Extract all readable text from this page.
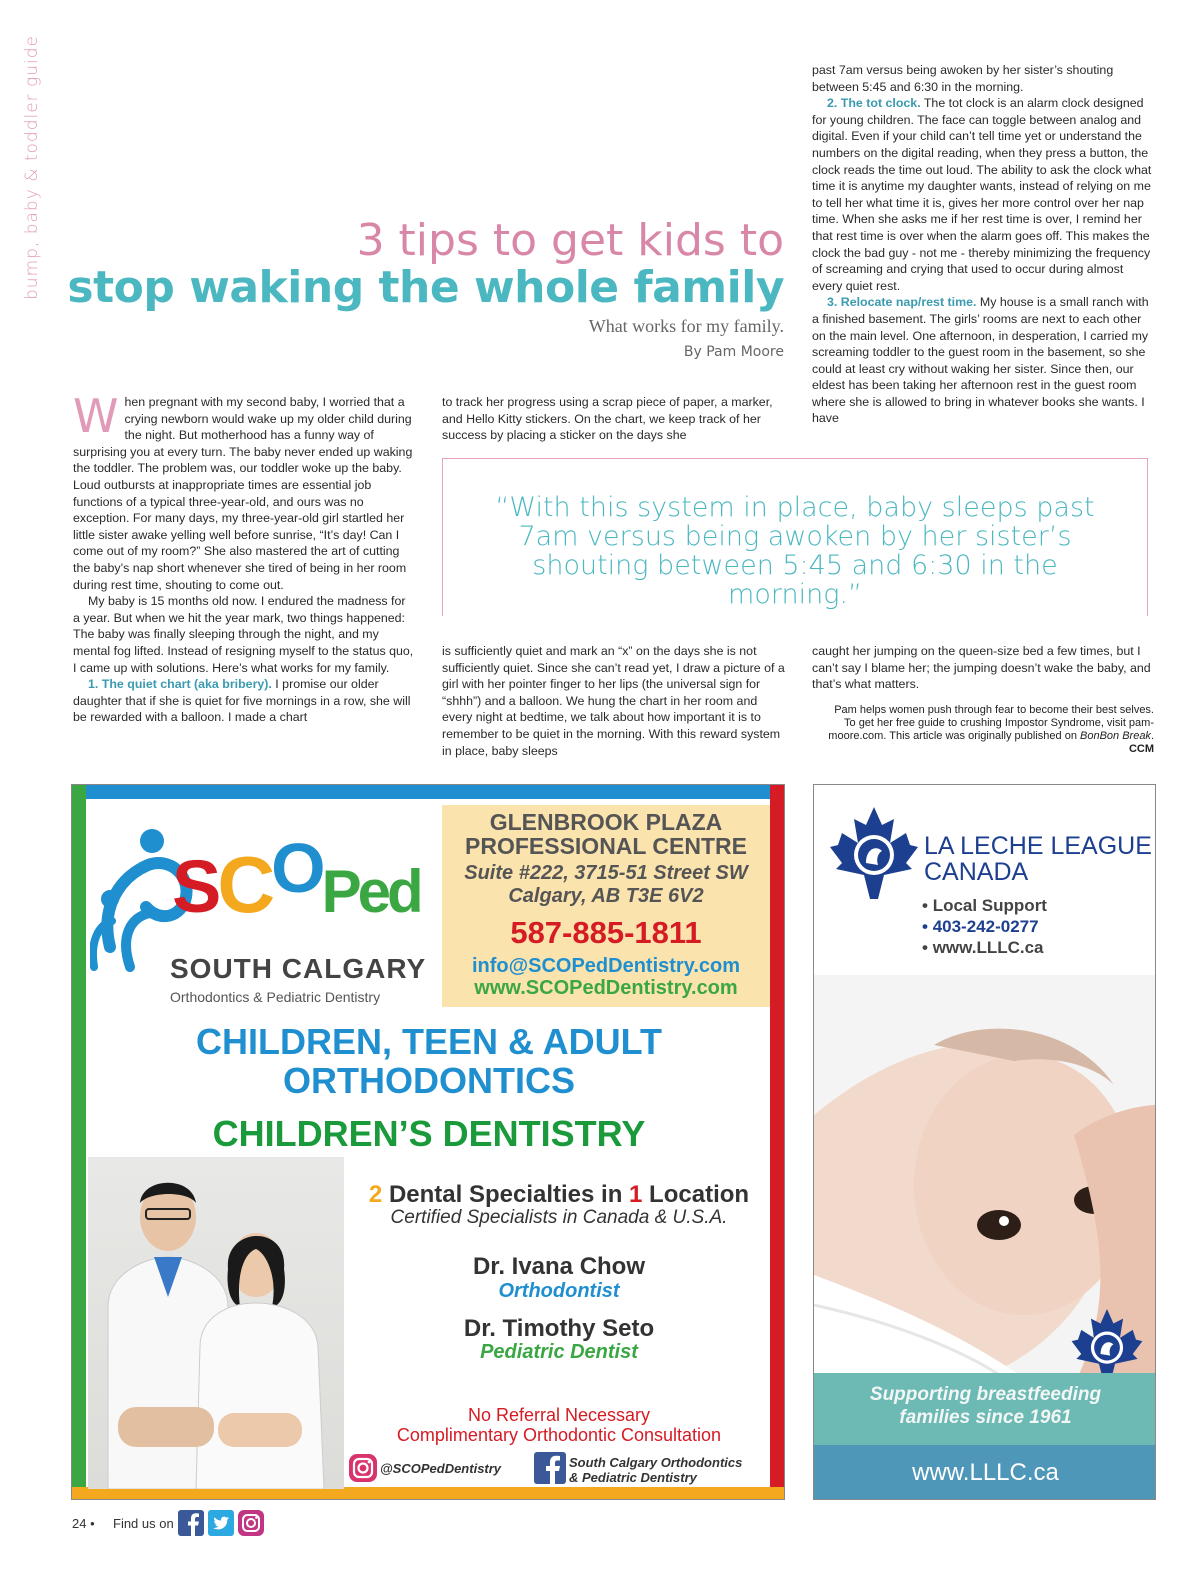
bump, baby & toddler guide	3 tips to get kids to
stop waking the whole family
What works for my family.
By Pam Moore

When pregnant with my second baby, I worried that a crying newborn would wake up my older child during the night. But motherhood has a funny way of surprising you at every turn. The baby never ended up waking the toddler. The problem was, our toddler woke up the baby. Loud outbursts at inappropriate times are essential job functions of a typical three-year-old, and ours was no exception. For many days, my three-year-old girl startled her little sister awake yelling well before sunrise, “It’s day! Can I come out of my room?” She also mastered the art of cutting the baby’s nap short whenever she tired of being in her room during rest time, shouting to come out.

My baby is 15 months old now. I endured the madness for a year. But when we hit the year mark, two things happened: The baby was finally sleeping through the night, and my mental fog lifted. Instead of resigning myself to the status quo, I came up with solutions. Here’s what works for my family.

1. The quiet chart (aka bribery). I promise our older daughter that if she is quiet for five mornings in a row, she will be rewarded with a balloon. I made a chart

to track her progress using a scrap piece of paper, a marker, and Hello Kitty stickers. On the chart, we keep track of her success by placing a sticker on the days she

past 7am versus being awoken by her sister’s shouting between 5:45 and 6:30 in the morning.

2. The tot clock. The tot clock is an alarm clock designed for young children. The face can toggle between analog and digital. Even if your child can’t tell time yet or understand the numbers on the digital reading, when they press a button, the clock reads the time out loud. The ability to ask the clock what time it is anytime my daughter wants, instead of relying on me to tell her what time it is, gives her more control over her nap time. When she asks me if her rest time is over, I remind her that rest time is over when the alarm goes off. This makes the clock the bad guy - not me - thereby minimizing the frequency of screaming and crying that used to occur during almost every quiet rest.

3. Relocate nap/rest time. My house is a small ranch with a finished basement. The girls’ rooms are next to each other on the main level. One afternoon, in desperation, I carried my screaming toddler to the guest room in the basement, so she could at least cry without waking her sister. Since then, our eldest has been taking her afternoon rest in the guest room where she is allowed to bring in whatever books she wants. I have

“With this system in place, baby sleeps past 7am versus being awoken by her sister’s shouting between 5:45 and 6:30 in the morning.”

is sufficiently quiet and mark an “x” on the days she is not sufficiently quiet. Since she can’t read yet, I draw a picture of a girl with her pointer finger to her lips (the universal sign for “shhh”) and a balloon. We hung the chart in her room and every night at bedtime, we talk about how important it is to remember to be quiet in the morning. With this reward system in place, baby sleeps

caught her jumping on the queen-size bed a few times, but I can’t say I blame her; the jumping doesn’t wake the baby, and that’s what matters.

Pam helps women push through fear to become their best selves. To get her free guide to crushing Impostor Syndrome, visit pam-moore.com. This article was originally published on BonBon Break. CCM
SCOPed
SOUTH CALGARY
Orthodontics & Pediatric Dentistry
GLENBROOK PLAZA
PROFESSIONAL CENTRE
Suite #222, 3715-51 Street SW
Calgary, AB T3E 6V2
587-885-1811
info@SCOPedDentistry.com
www.SCOPedDentistry.com
CHILDREN, TEEN & ADULT
ORTHODONTICS
CHILDREN’S DENTISTRY
2 Dental Specialties in 1 Location
Certified Specialists in Canada & U.S.A.
Dr. Ivana Chow
Orthodontist
Dr. Timothy Seto
Pediatric Dentist
No Referral Necessary
Complimentary Orthodontic Consultation
@SCOPedDentistry	South Calgary Orthodontics
& Pediatric Dentistry
LA LECHE LEAGUE
CANADA
• Local Support
• 403-242-0277
• www.LLLC.ca
Supporting breastfeeding
families since 1961
www.LLLC.ca
24 • Find us on
